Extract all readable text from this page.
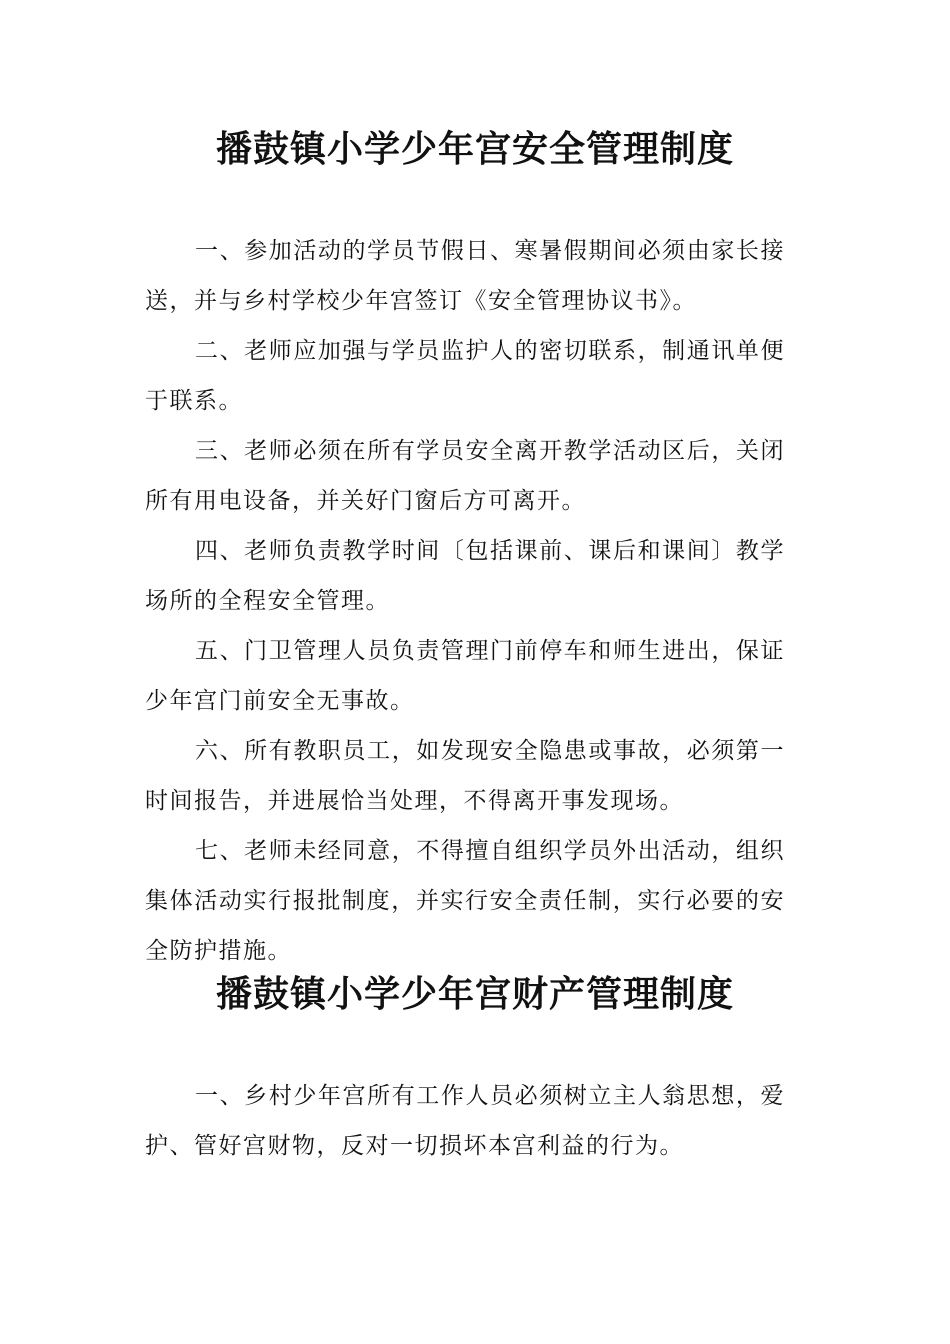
播鼓镇小学少年宫安全管理制度

一、参加活动的学员节假日、寒暑假期间必须由家长接送，并与乡村学校少年宫签订《安全管理协议书》。

二、老师应加强与学员监护人的密切联系，制通讯单便于联系。

三、老师必须在所有学员安全离开教学活动区后，关闭所有用电设备，并关好门窗后方可离开。

四、老师负责教学时间〔包括课前、课后和课间〕教学场所的全程安全管理。

五、门卫管理人员负责管理门前停车和师生进出，保证少年宫门前安全无事故。

六、所有教职员工，如发现安全隐患或事故，必须第一时间报告，并进展恰当处理，不得离开事发现场。

七、老师未经同意，不得擅自组织学员外出活动，组织集体活动实行报批制度，并实行安全责任制，实行必要的安全防护措施。

播鼓镇小学少年宫财产管理制度

一、乡村少年宫所有工作人员必须树立主人翁思想，爱护、管好宫财物，反对一切损坏本宫利益的行为。
